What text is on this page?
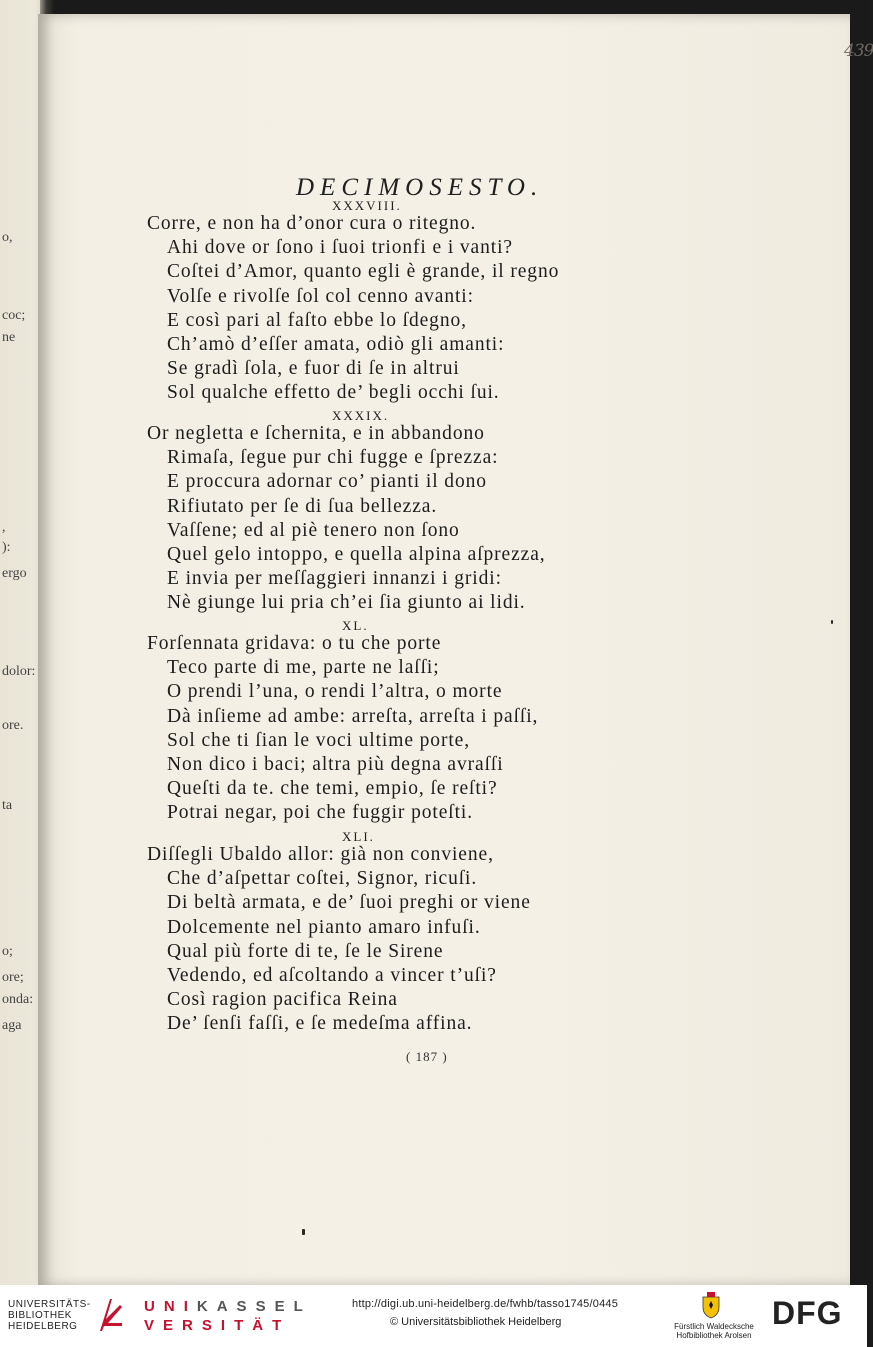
o,
coc;
ne
,
):
ergo
dolor:
ore.
ta
o;
ore;
onda:
aga
439
DECIMOSESTO.
XXXVIII.
Corre, e non ha d’onor cura o ritegno.
Ahi dove or ſono i ſuoi trionfi e i vanti?
Coſtei d’Amor, quanto egli è grande, il regno
Volſe e rivolſe ſol col cenno avanti:
E così pari al faſto ebbe lo ſdegno,
Ch’amò d’eſſer amata, odiò gli amanti:
Se gradì ſola, e fuor di ſe in altrui
Sol qualche effetto de’ begli occhi ſui.
XXXIX.
Or negletta e ſchernita, e in abbandono
Rimaſa, ſegue pur chi fugge e ſprezza:
E proccura adornar co’ pianti il dono
Rifiutato per ſe di ſua bellezza.
Vaſſene; ed al piè tenero non ſono
Quel gelo intoppo, e quella alpina aſprezza,
E invia per meſſaggieri innanzi i gridi:
Nè giunge lui pria ch’ei ſia giunto ai lidi.
XL.
Forſennata gridava: o tu che porte
Teco parte di me, parte ne laſſi;
O prendi l’una, o rendi l’altra, o morte
Dà inſieme ad ambe: arreſta, arreſta i paſſi,
Sol che ti ſian le voci ultime porte,
Non dico i baci; altra più degna avraſſi
Queſti da te. che temi, empio, ſe reſti?
Potrai negar, poi che fuggir poteſti.
XLI.
Diſſegli Ubaldo allor: già non conviene,
Che d’aſpettar coſtei, Signor, ricuſi.
Di beltà armata, e de’ ſuoi preghi or viene
Dolcemente nel pianto amaro infuſi.
Qual più forte di te, ſe le Sirene
Vedendo, ed aſcoltando a vincer t’uſi?
Così ragion pacifica Reina
De’ ſenſi faſſi, e ſe medeſma affina.
( 187 )
UNIVERSITÄTS-
BIBLIOTHEK
HEIDELBERG
UNIKASSEL
VERSITÄT
http://digi.ub.uni-heidelberg.de/fwhb/tasso1745/0445
© Universitätsbibliothek Heidelberg	Fürstlich Waldecksche
Hofbibliothek Arolsen
DFG
